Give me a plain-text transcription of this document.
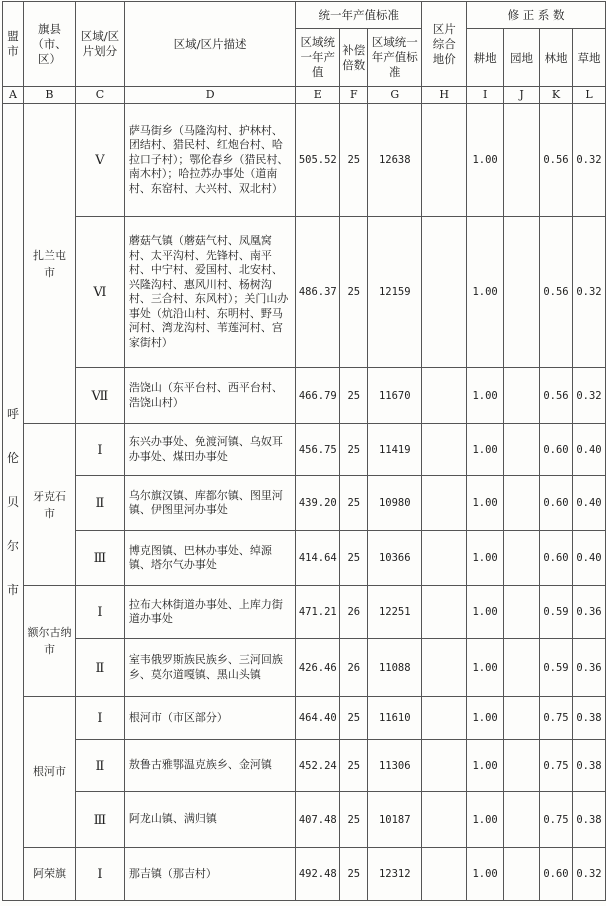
盟市	旗县（市、区）	区域/区片划分	区域/区片描述	统一年产值标准			区片综合地价	修 正 系 数			

				区域统一年产值	补偿倍数	区域统一年产值标准		耕地	园地	林地	草地
A	B	C	D	E	F	G	H	I	J	K	L

呼伦贝尔市	扎兰屯市	Ⅴ	萨马街乡（马隆沟村、护林村、团结村、猎民村、红炮台村、哈拉口子村）；鄂伦春乡（猎民村、南木村）；哈拉苏办事处（道南村、东窑村、大兴村、双北村）	505.52	25	12638		1.00		0.56	0.32
		Ⅵ	蘑菇气镇（蘑菇气村、凤凰窝村、太平沟村、先锋村、南平村、中宁村、爱国村、北安村、兴隆沟村、惠风川村、杨树沟村、三合村、东风村）；关门山办事处（炕沿山村、东明村、野马河村、湾龙沟村、苇莲河村、宫家街村）	486.37	25	12159		1.00		0.56	0.32
		Ⅶ	浩饶山（东平台村、西平台村、浩饶山村）	466.79	25	11670		1.00		0.56	0.32

	牙克石市	Ⅰ	东兴办事处、免渡河镇、乌奴耳办事处、煤田办事处	456.75	25	11419		1.00		0.60	0.40
		Ⅱ	乌尔旗汉镇、库都尔镇、图里河镇、伊图里河办事处	439.20	25	10980		1.00		0.60	0.40
		Ⅲ	博克图镇、巴林办事处、绰源镇、塔尔气办事处	414.64	25	10366		1.00		0.60	0.40

	额尔古纳市	Ⅰ	拉布大林街道办事处、上库力街道办事处	471.21	26	12251		1.00		0.59	0.36
		Ⅱ	室韦俄罗斯族民族乡、三河回族乡、莫尔道嘎镇、黑山头镇	426.46	26	11088		1.00		0.59	0.36
	根河市	Ⅰ	根河市（市区部分）	464.40	25	11610		1.00		0.75	0.38
		Ⅱ	敖鲁古雅鄂温克族乡、金河镇	452.24	25	11306		1.00		0.75	0.38
		Ⅲ	阿龙山镇、满归镇	407.48	25	10187		1.00		0.75	0.38
	阿荣旗	Ⅰ	那吉镇（那吉村）	492.48	25	12312		1.00		0.60	0.32
